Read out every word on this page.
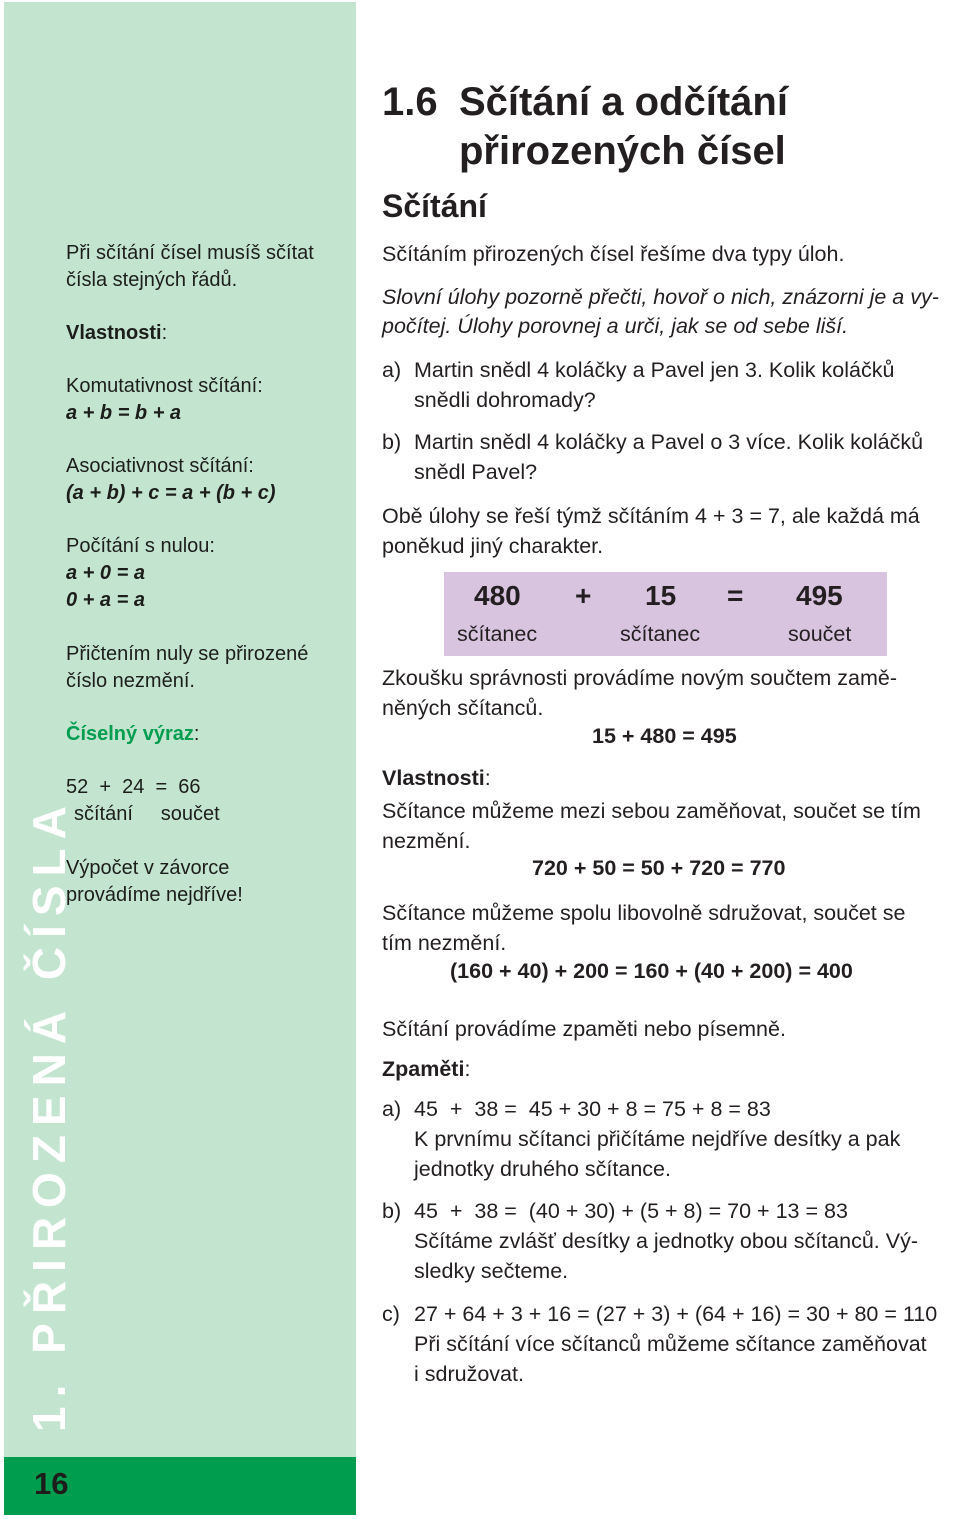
1. PŘIROZENÁ ČÍSLA
16
Při sčítání čísel musíš sčítat
čísla stejných řádů.
Vlastnosti:
Komutativnost sčítání:
a + b = b + a
Asociativnost sčítání:
(a + b) + c = a + (b + c)
Počítání s nulou:
a + 0 = a
0 + a = a
Přičtením nuly se přirozené
číslo nezmění.
Číselný výraz:
52  +  24  =  66
sčítání     součet
Výpočet v závorce
provádíme nejdříve!
1.6 Sčítání a odčítání
přirozených čísel
Sčítání
Sčítáním přirozených čísel řešíme dva typy úloh.
Slovní úlohy pozorně přečti, hovoř o nich, znázorni je a vy-
počítej. Úlohy porovnej a urči, jak se od sebe liší.
a) Martin snědl 4 koláčky a Pavel jen 3. Kolik koláčků
snědli dohromady?
b) Martin snědl 4 koláčky a Pavel o 3 více. Kolik koláčků
snědl Pavel?
Obě úlohy se řeší týmž sčítáním 4 + 3 = 7, ale každá má
poněkud jiný charakter.
480 + 15 = 495
sčítanec	sčítanec	součet
Zkoušku správnosti provádíme novým součtem zamě-
něných sčítanců.
15 + 480 = 495
Vlastnosti:
Sčítance můžeme mezi sebou zaměňovat, součet se tím
nezmění.
720 + 50 = 50 + 720 = 770
Sčítance můžeme spolu libovolně sdružovat, součet se
tím nezmění.
(160 + 40) + 200 = 160 + (40 + 200) = 400
Sčítání provádíme zpaměti nebo písemně.
Zpaměti:
a) 45  +  38 =  45 + 30 + 8 = 75 + 8 = 83
K prvnímu sčítanci přičítáme nejdříve desítky a pak
jednotky druhého sčítance.
b) 45  +  38 =  (40 + 30) + (5 + 8) = 70 + 13 = 83
Sčítáme zvlášť desítky a jednotky obou sčítanců. Vý-
sledky sečteme.
c) 27 + 64 + 3 + 16 = (27 + 3) + (64 + 16) = 30 + 80 = 110
Při sčítání více sčítanců můžeme sčítance zaměňovat
i sdružovat.
